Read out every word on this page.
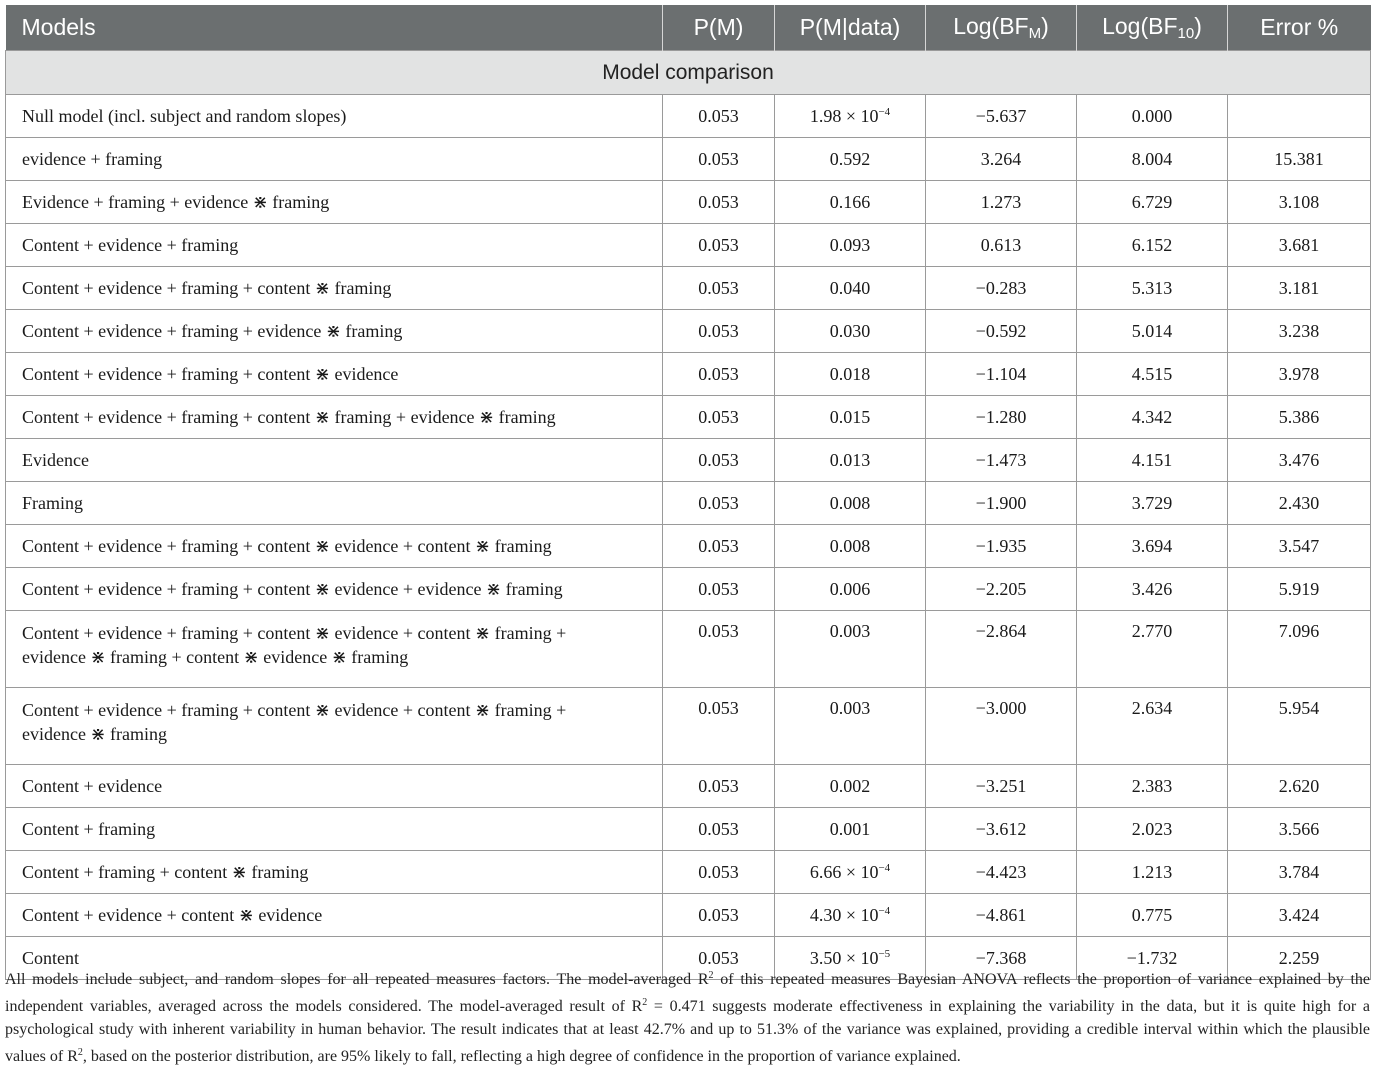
Models	P(M)	P(M|data)	$Log(BF_M)$	$Log(BF_{10})$	Error %
Model comparison					
Null model (incl. subject and random slopes)	0.053	$1.98 \times 10^{-4}$	−5.637	0.000	
evidence + framing	0.053	0.592	3.264	8.004	15.381
Evidence + framing + evidence ⋇ framing	0.053	0.166	1.273	6.729	3.108
Content + evidence + framing	0.053	0.093	0.613	6.152	3.681
Content + evidence + framing + content ⋇ framing	0.053	0.040	−0.283	5.313	3.181
Content + evidence + framing + evidence ⋇ framing	0.053	0.030	−0.592	5.014	3.238
Content + evidence + framing + content ⋇ evidence	0.053	0.018	−1.104	4.515	3.978
Content + evidence + framing + content ⋇ framing + evidence ⋇ framing	0.053	0.015	−1.280	4.342	5.386
Evidence	0.053	0.013	−1.473	4.151	3.476
Framing	0.053	0.008	−1.900	3.729	2.430
Content + evidence + framing + content ⋇ evidence + content ⋇ framing	0.053	0.008	−1.935	3.694	3.547
Content + evidence + framing + content ⋇ evidence + evidence ⋇ framing	0.053	0.006	−2.205	3.426	5.919
Content + evidence + framing + content ⋇ evidence + content ⋇ framing +
evidence ⋇ framing + content ⋇ evidence ⋇ framing	0.053	0.003	−2.864	2.770	7.096
Content + evidence + framing + content ⋇ evidence + content ⋇ framing +
evidence ⋇ framing	0.053	0.003	−3.000	2.634	5.954
Content + evidence	0.053	0.002	−3.251	2.383	2.620
Content + framing	0.053	0.001	−3.612	2.023	3.566
Content + framing + content ⋇ framing	0.053	$6.66 \times 10^{-4}$	−4.423	1.213	3.784
Content + evidence + content ⋇ evidence	0.053	$4.30 \times 10^{-4}$	−4.861	0.775	3.424
Content	0.053	$3.50 \times 10^{-5}$	−7.368	−1.732	2.259
All models include subject, and random slopes for all repeated measures factors. The model-averaged $R^2$ of this repeated measures Bayesian ANOVA reflects the proportion of variance explained by the independent variables, averaged across the models considered. The model-averaged result of $R^2 = 0.471$ suggests moderate effectiveness in explaining the variability in the data, but it is quite high for a psychological study with inherent variability in human behavior. The result indicates that at least 42.7% and up to 51.3% of the variance was explained, providing a credible interval within which the plausible values of $R^2$, based on the posterior distribution, are 95% likely to fall, reflecting a high degree of confidence in the proportion of variance explained.
